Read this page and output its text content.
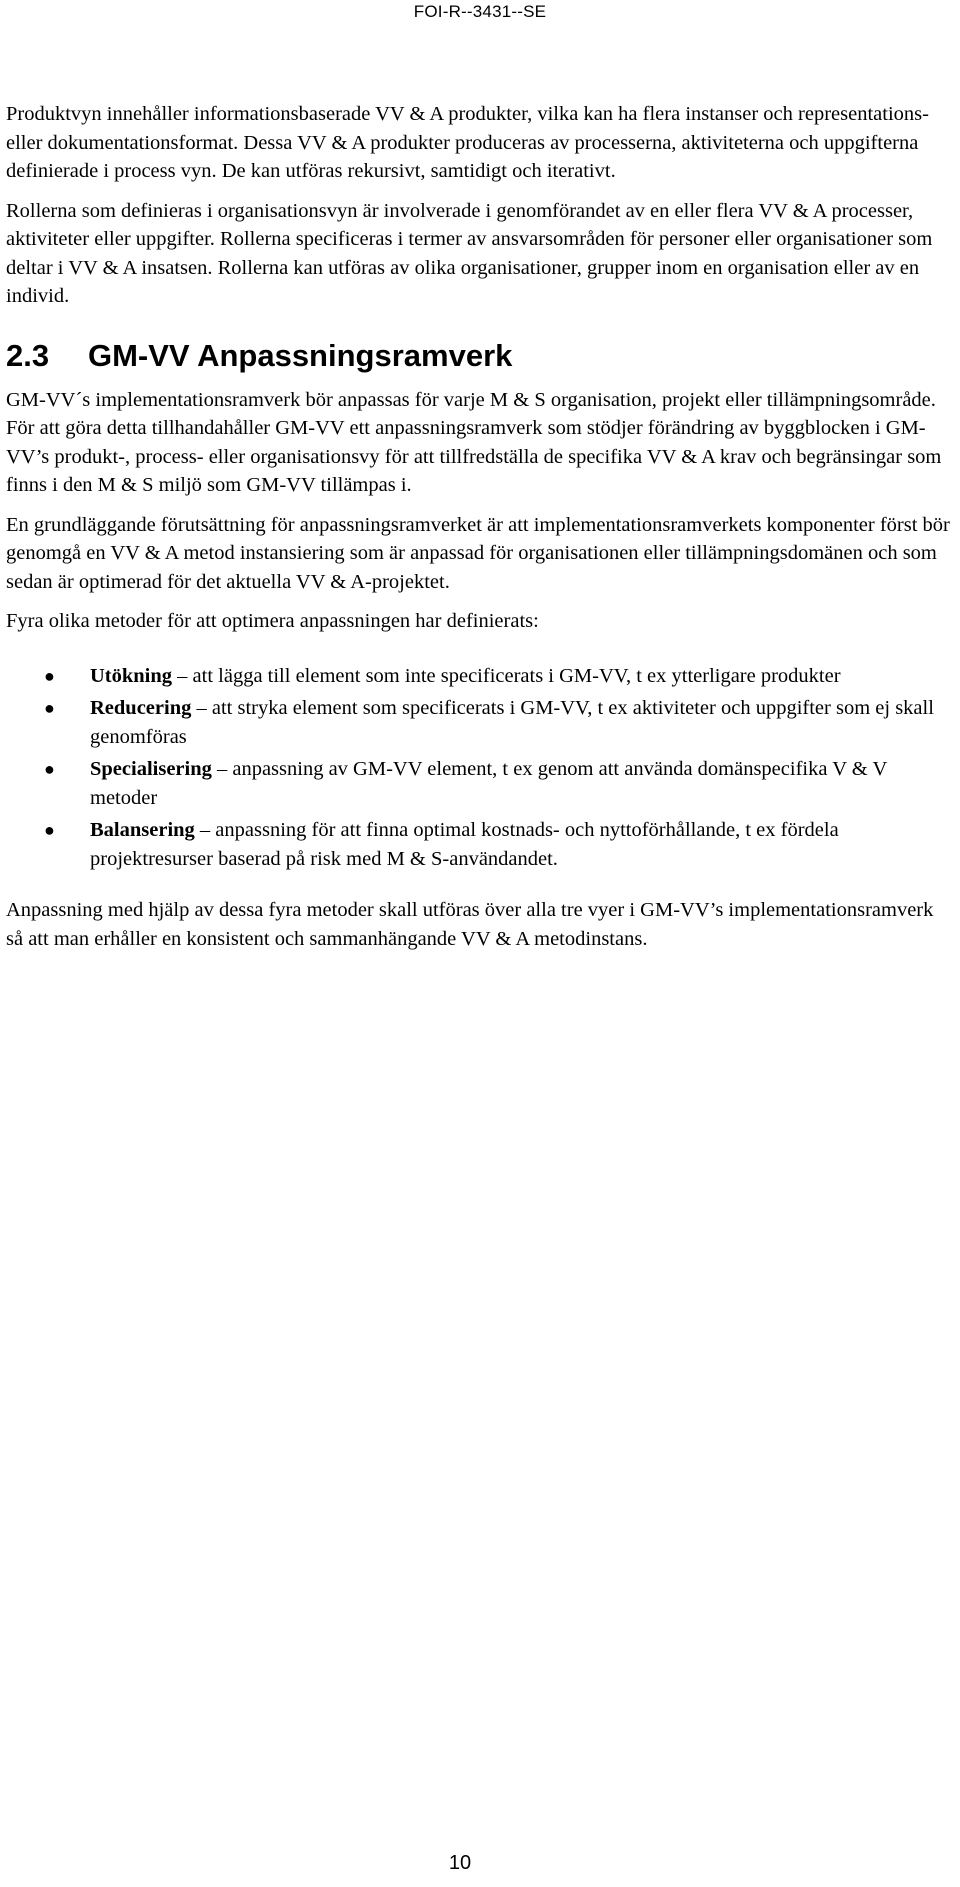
FOI-R--3431--SE

Produktvyn innehåller informationsbaserade VV & A produkter, vilka kan ha flera instanser och representations- eller dokumentationsformat. Dessa VV & A produkter produceras av processerna, aktiviteterna och uppgifterna definierade i process vyn. De kan utföras rekursivt, samtidigt och iterativt.

Rollerna som definieras i organisationsvyn är involverade i genomförandet av en eller flera VV & A processer, aktiviteter eller uppgifter. Rollerna specificeras i termer av ansvarsområden för personer eller organisationer som deltar i VV & A insatsen. Rollerna kan utföras av olika organisationer, grupper inom en organisation eller av en individ.

2.3 GM-VV Anpassningsramverk

GM-VV´s implementationsramverk bör anpassas för varje M & S organisation, projekt eller tillämpningsområde. För att göra detta tillhandahåller GM-VV ett anpassningsramverk som stödjer förändring av byggblocken i GM-VV’s produkt-, process- eller organisationsvy för att tillfredställa de specifika VV & A krav och begränsingar som finns i den M & S miljö som GM-VV tillämpas i.

En grundläggande förutsättning för anpassningsramverket är att implementationsramverkets komponenter först bör genomgå en VV & A metod instansiering som är anpassad för organisationen eller tillämpningsdomänen och som sedan är optimerad för det aktuella VV & A-projektet.

Fyra olika metoder för att optimera anpassningen har definierats:

● Utökning – att lägga till element som inte specificerats i GM-VV, t ex ytterligare produkter
● Reducering – att stryka element som specificerats i GM-VV, t ex aktiviteter och uppgifter som ej skall genomföras
● Specialisering – anpassning av GM-VV element, t ex genom att använda domänspecifika V & V metoder
● Balansering – anpassning för att finna optimal kostnads- och nyttoförhållande, t ex fördela projektresurser baserad på risk med M & S-användandet.

Anpassning med hjälp av dessa fyra metoder skall utföras över alla tre vyer i GM-VV’s implementationsramverk så att man erhåller en konsistent och sammanhängande VV & A metodinstans.

10
